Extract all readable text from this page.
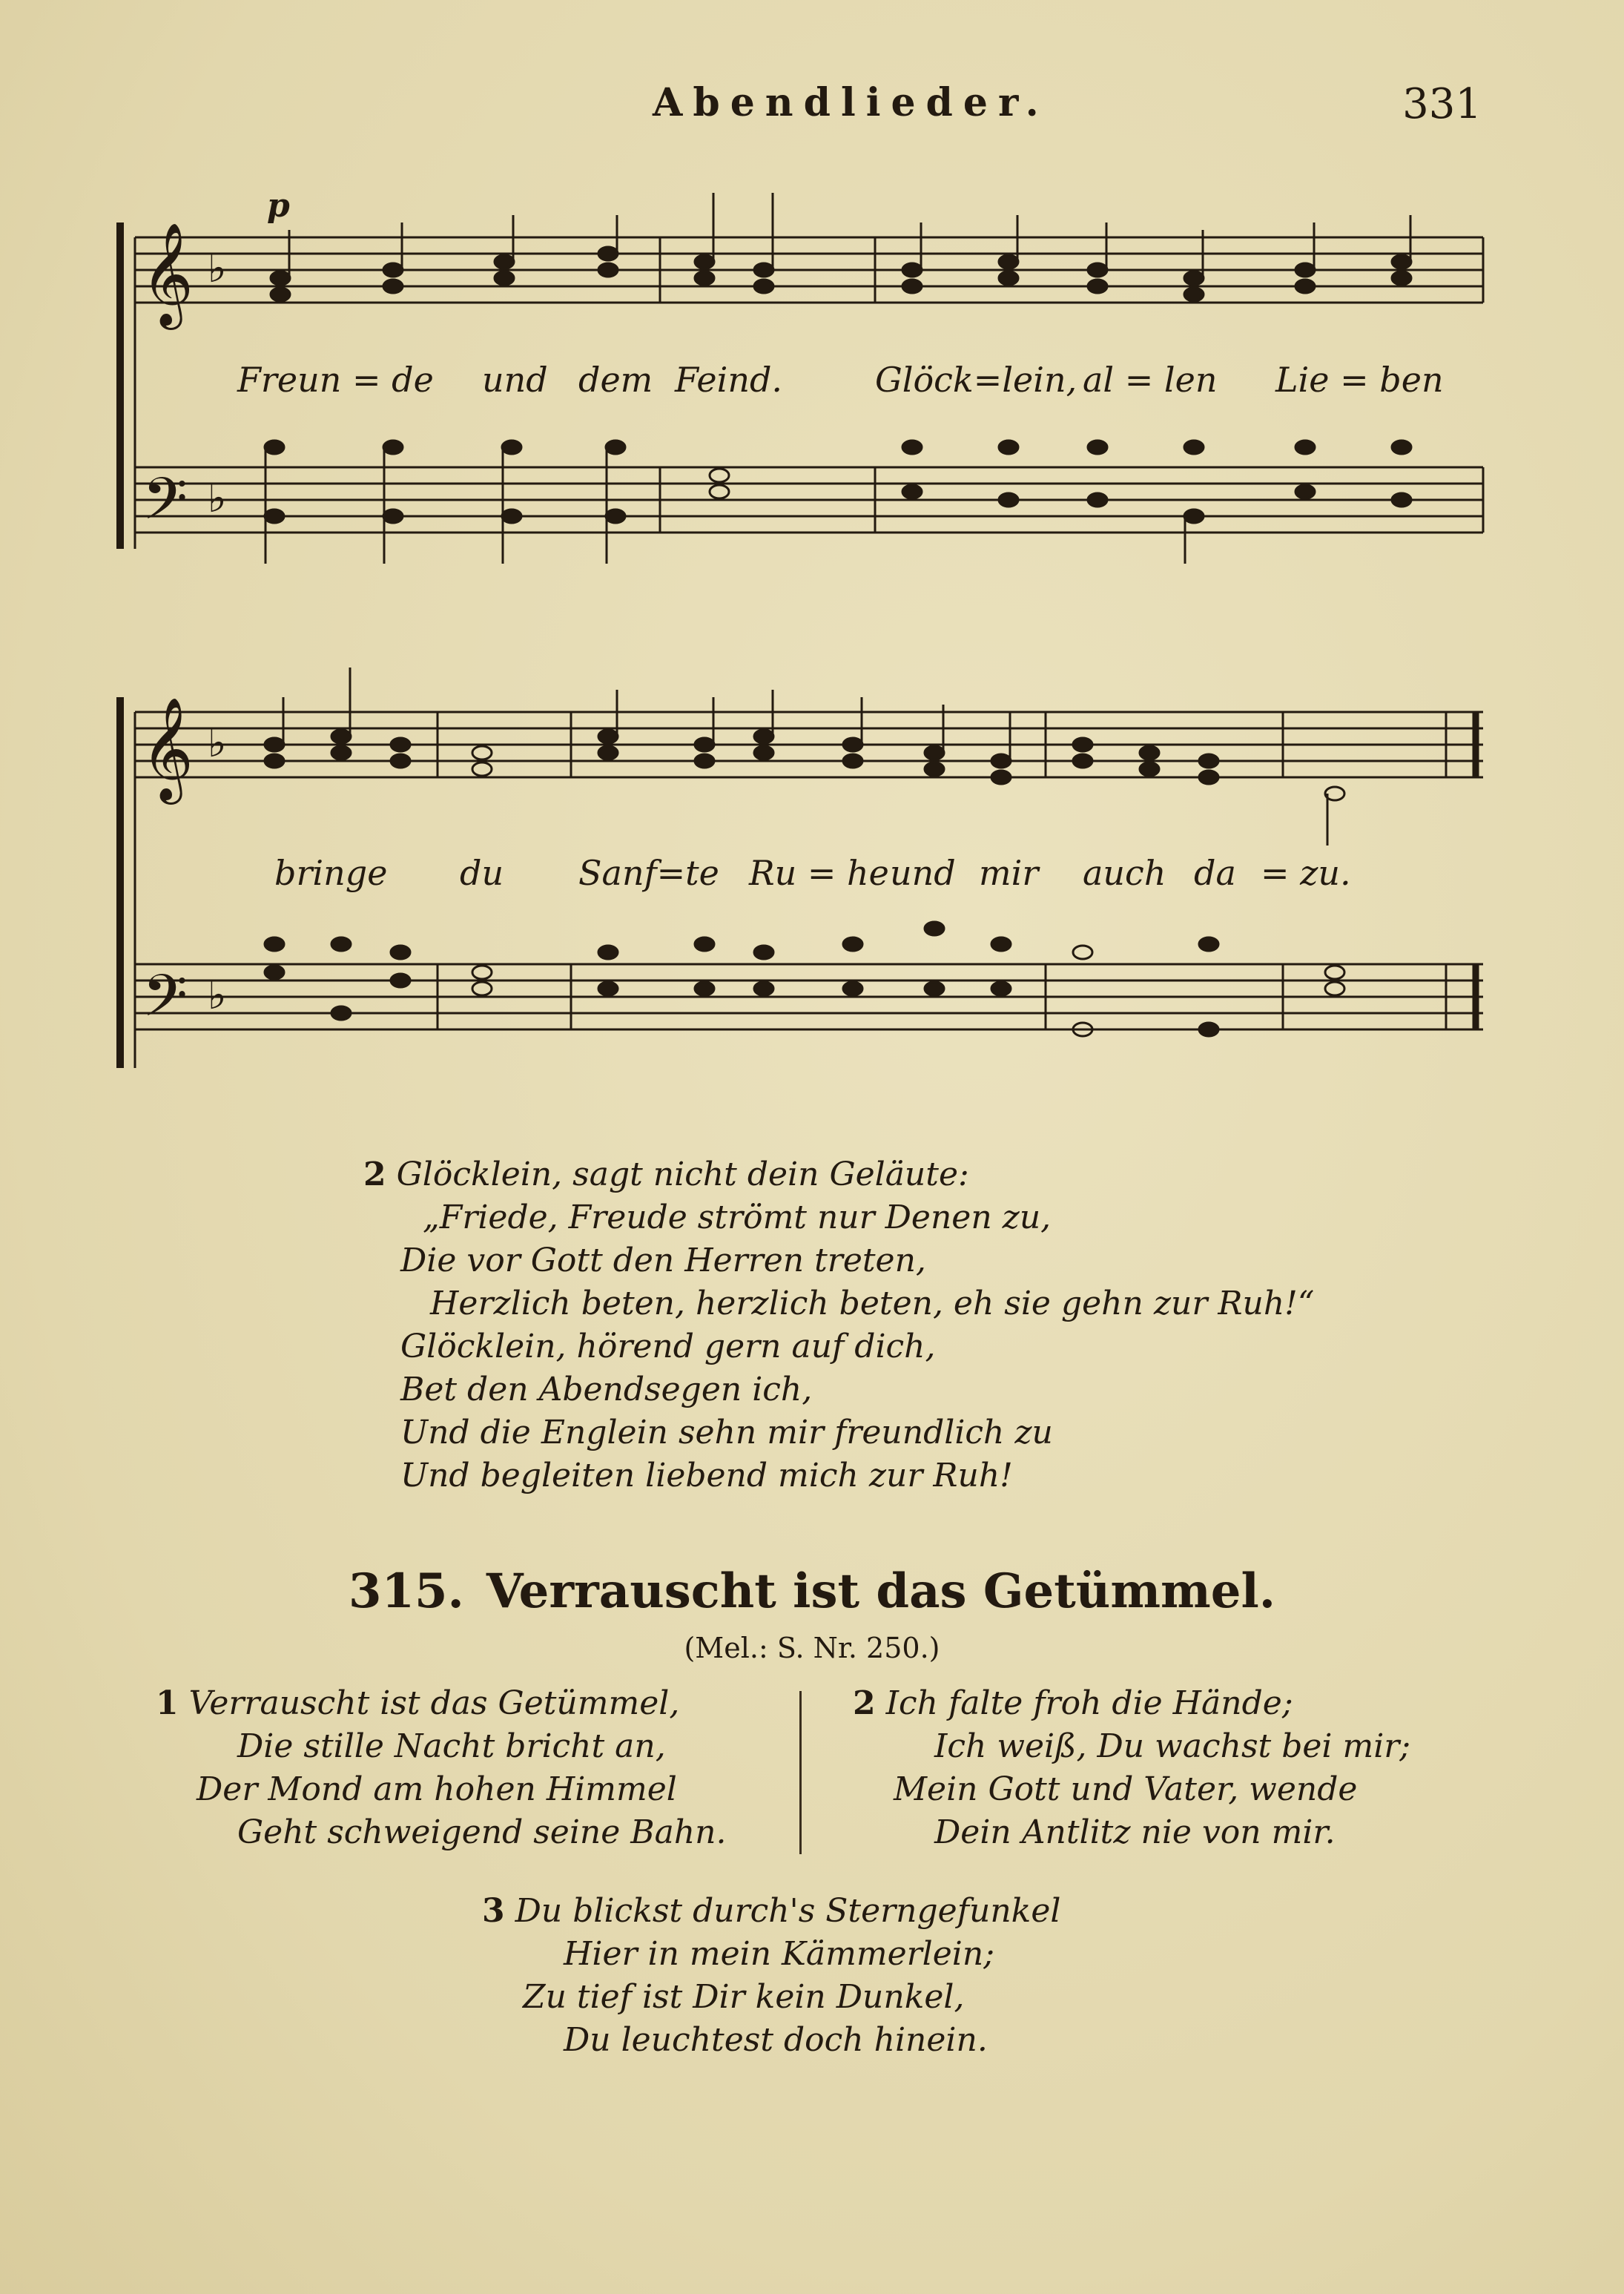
Abendlieder.	331
𝄞
𝄢
♭
♭
p
Freun = de und dem Feind.	Glöck=lein, al = len Lie = ben
𝄞
𝄢
♭
♭
bringe du Sanf=te Ru = he und mir auch da = zu.
2 Glöcklein, sagt nicht dein Geläute:
„Friede, Freude strömt nur Denen zu,
Die vor Gott den Herren treten,
Herzlich beten, herzlich beten, eh sie gehn zur Ruh!“
Glöcklein, hörend gern auf dich,
Bet den Abendsegen ich,
Und die Englein sehn mir freundlich zu
Und begleiten liebend mich zur Ruh!
315. Verrauscht ist das Getümmel.
(Mel.: S. Nr. 250.)
1 Verrauscht ist das Getümmel,
Die stille Nacht bricht an,
Der Mond am hohen Himmel
Geht schweigend seine Bahn.
2 Ich falte froh die Hände;
Ich weiß, Du wachst bei mir;
Mein Gott und Vater, wende
Dein Antlitz nie von mir.
3 Du blickst durch's Sterngefunkel
Hier in mein Kämmerlein;
Zu tief ist Dir kein Dunkel,
Du leuchtest doch hinein.
